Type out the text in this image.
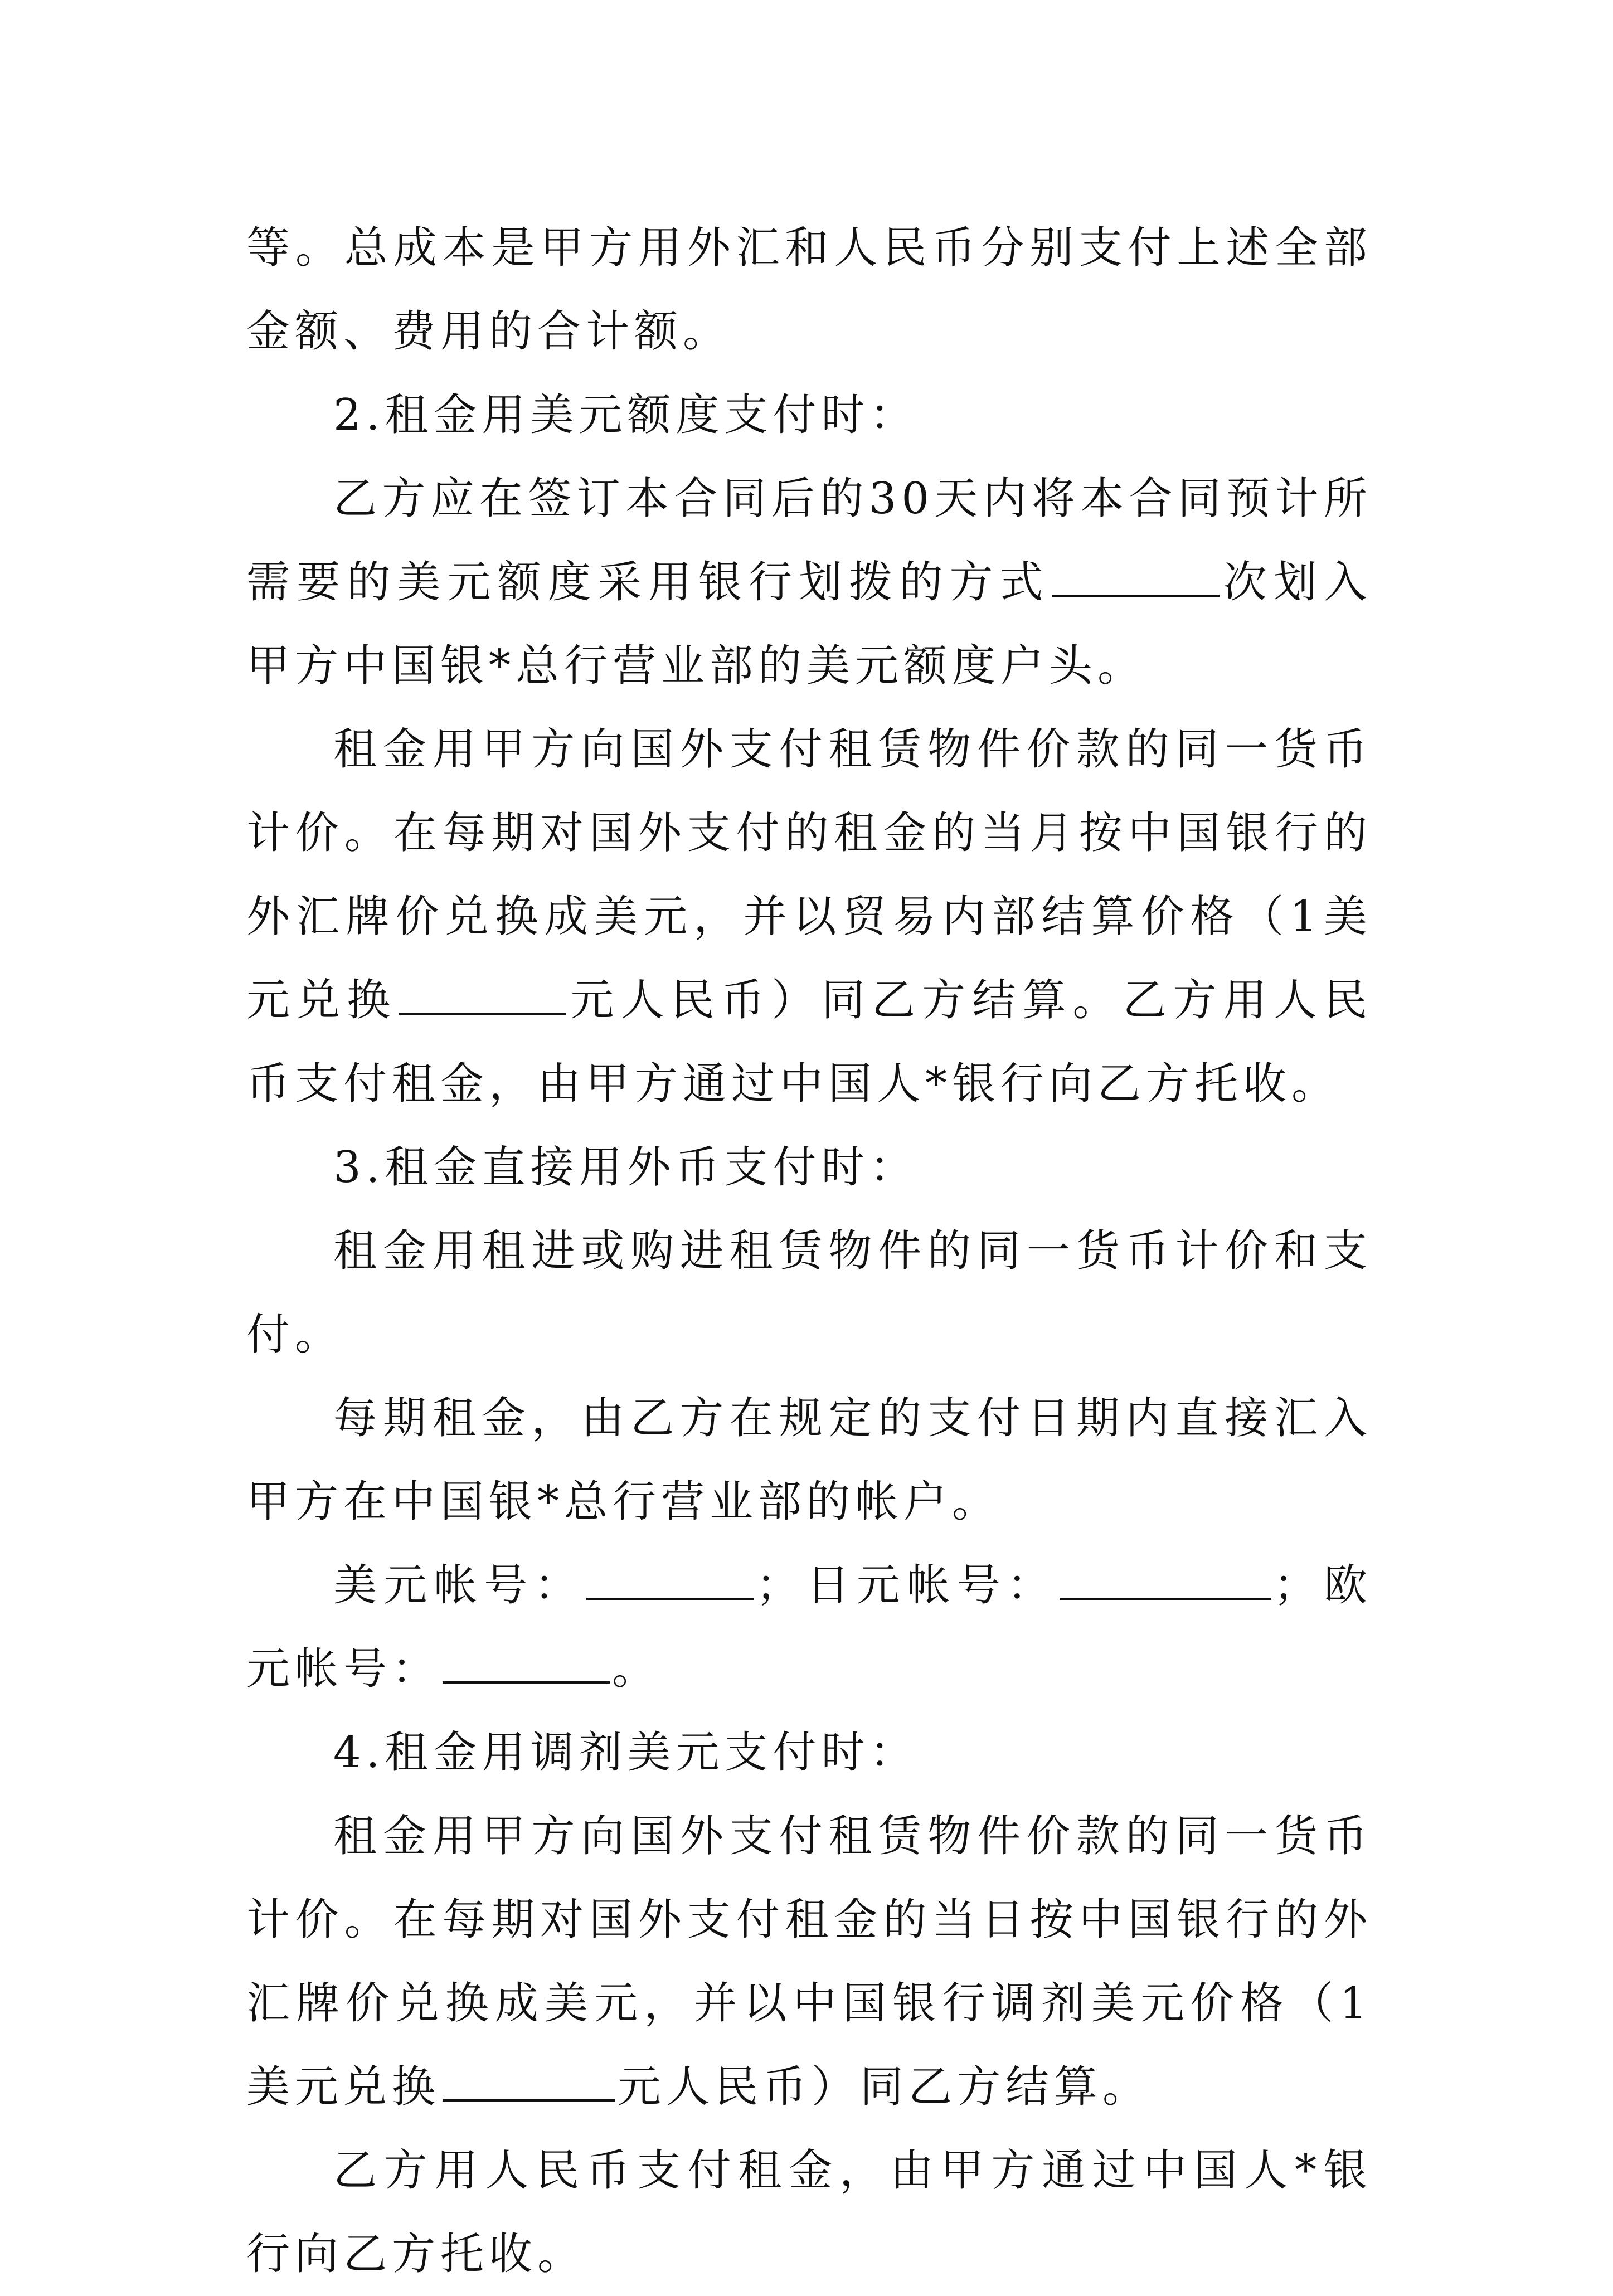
等。总成本是甲方用外汇和人民币分别支付上述全部金额、费用的合计额。

2.租金用美元额度支付时：

乙方应在签订本合同后的30天内将本合同预计所需要的美元额度采用银行划拨的方式	次划入甲方中国银*总行营业部的美元额度户头。

租金用甲方向国外支付租赁物件价款的同一货币计价。在每期对国外支付的租金的当月按中国银行的外汇牌价兑换成美元，并以贸易内部结算价格（1美元兑换	元人民币）同乙方结算。乙方用人民币支付租金，由甲方通过中国人*银行向乙方托收。

3.租金直接用外币支付时：

租金用租进或购进租赁物件的同一货币计价和支付。

每期租金，由乙方在规定的支付日期内直接汇入甲方在中国银*总行营业部的帐户。

美元帐号：	；日元帐号：	；欧元帐号：	。

4.租金用调剂美元支付时：

租金用甲方向国外支付租赁物件价款的同一货币计价。在每期对国外支付租金的当日按中国银行的外汇牌价兑换成美元，并以中国银行调剂美元价格（1美元兑换	元人民币）同乙方结算。

乙方用人民币支付租金，由甲方通过中国人*银行向乙方托收。
